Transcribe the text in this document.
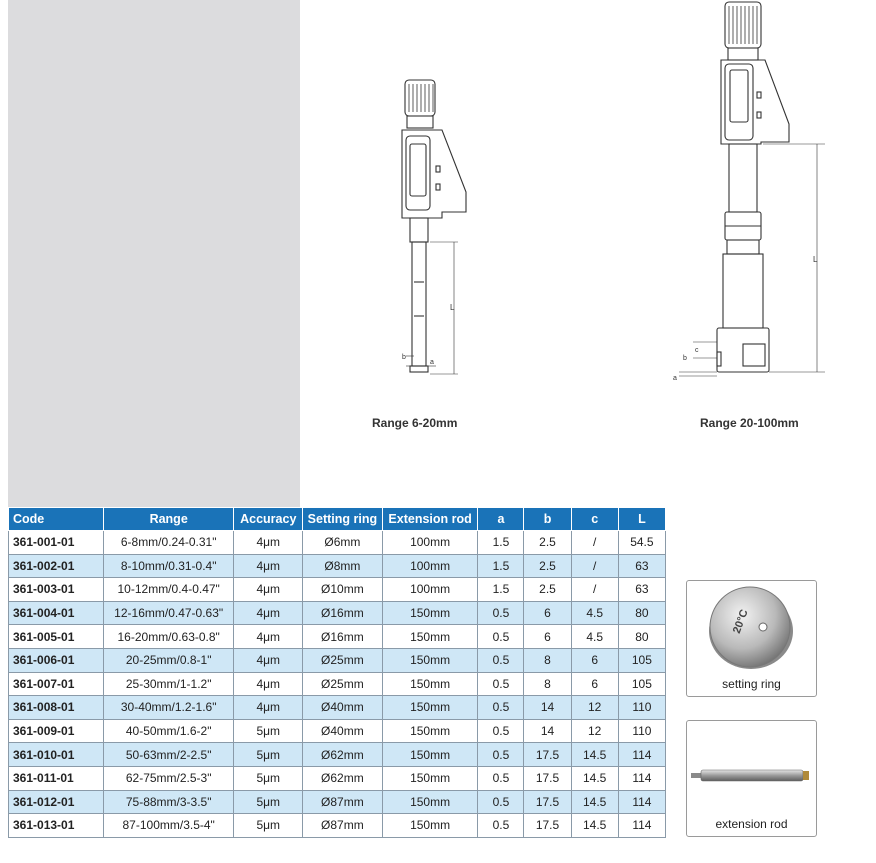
L
b
a
Range 6-20mm
L
b
c
a
Range 20-100mm
Code	Range	Accuracy	Setting ring	Extension rod	a	b	c	L
361-001-01	6-8mm/0.24-0.31"	4μm	Ø6mm	100mm	1.5	2.5	/	54.5
361-002-01	8-10mm/0.31-0.4"	4μm	Ø8mm	100mm	1.5	2.5	/	63
361-003-01	10-12mm/0.4-0.47"	4μm	Ø10mm	100mm	1.5	2.5	/	63
361-004-01	12-16mm/0.47-0.63"	4μm	Ø16mm	150mm	0.5	6	4.5	80
361-005-01	16-20mm/0.63-0.8"	4μm	Ø16mm	150mm	0.5	6	4.5	80
361-006-01	20-25mm/0.8-1"	4μm	Ø25mm	150mm	0.5	8	6	105
361-007-01	25-30mm/1-1.2"	4μm	Ø25mm	150mm	0.5	8	6	105
361-008-01	30-40mm/1.2-1.6"	4μm	Ø40mm	150mm	0.5	14	12	110
361-009-01	40-50mm/1.6-2"	5μm	Ø40mm	150mm	0.5	14	12	110
361-010-01	50-63mm/2-2.5"	5μm	Ø62mm	150mm	0.5	17.5	14.5	114
361-011-01	62-75mm/2.5-3"	5μm	Ø62mm	150mm	0.5	17.5	14.5	114
361-012-01	75-88mm/3-3.5"	5μm	Ø87mm	150mm	0.5	17.5	14.5	114
361-013-01	87-100mm/3.5-4"	5μm	Ø87mm	150mm	0.5	17.5	14.5	114
20°C
setting ring
extension rod
